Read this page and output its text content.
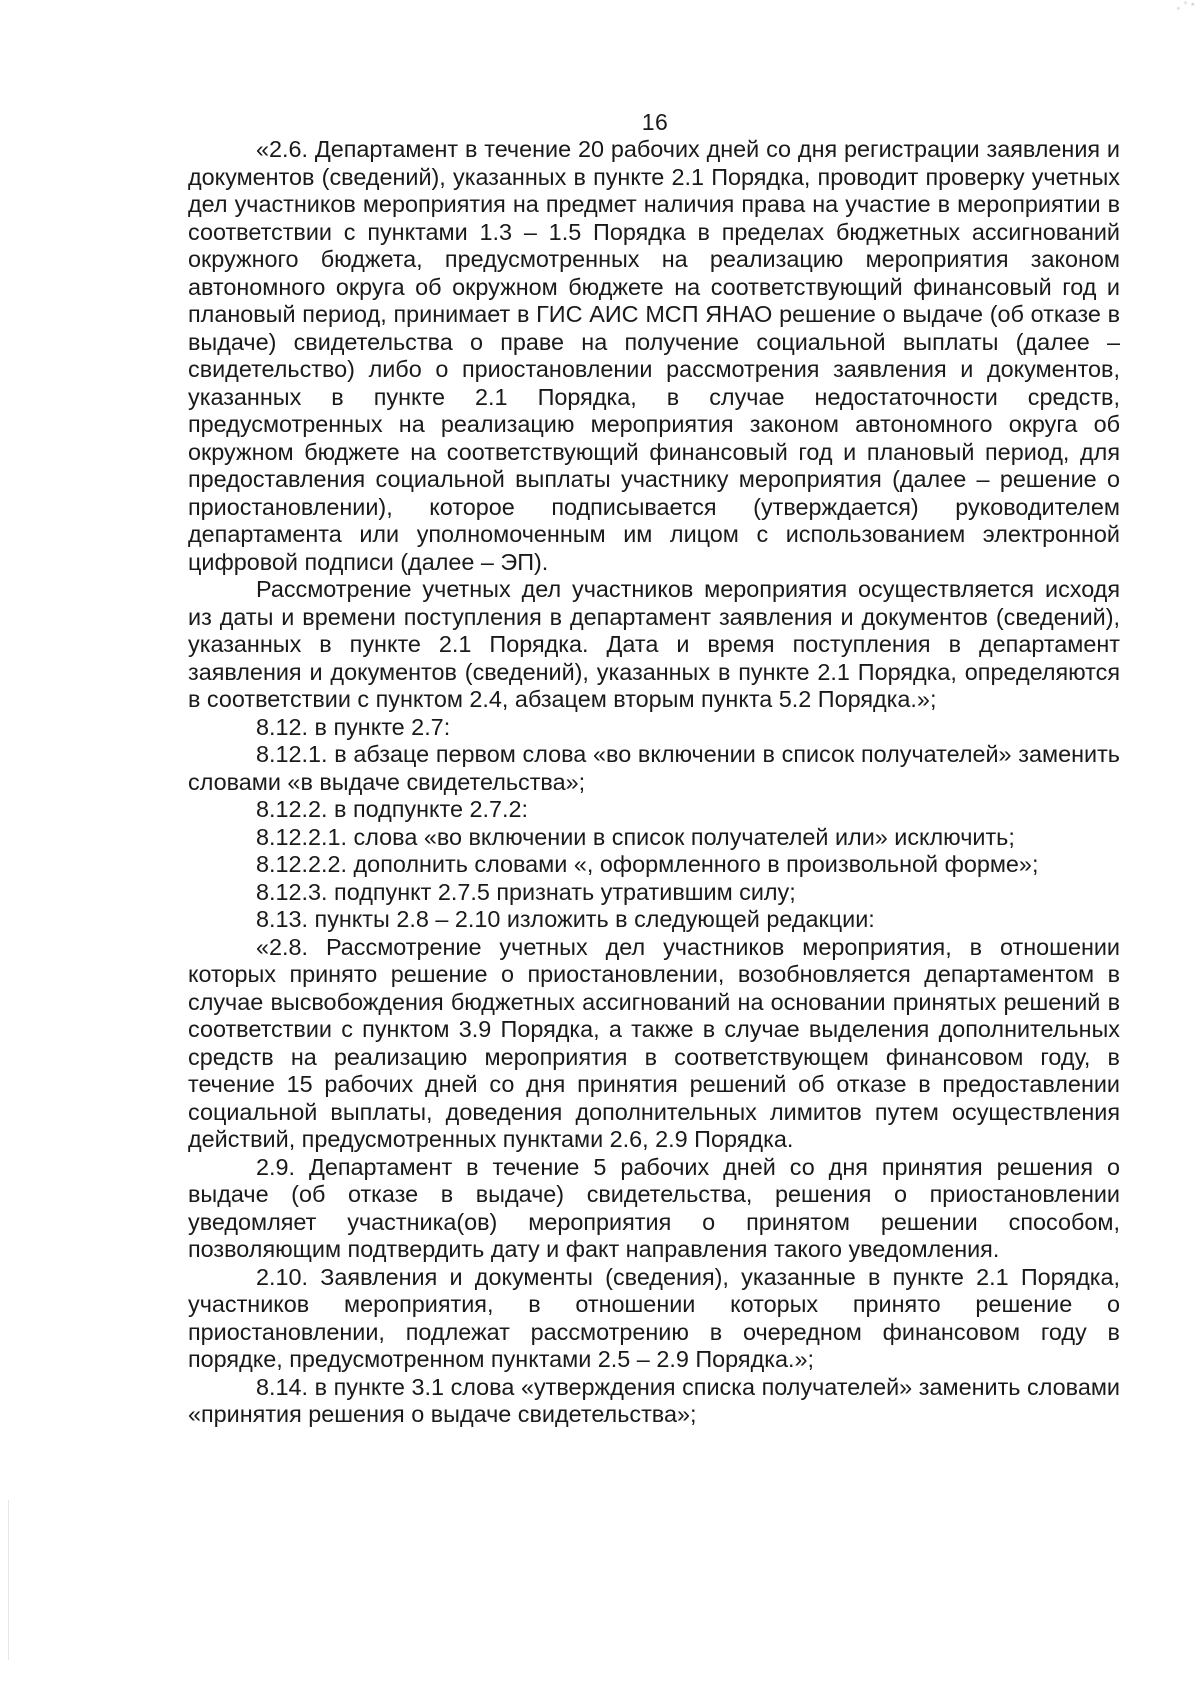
16

«2.6. Департамент в течение 20 рабочих дней со дня регистрации заявления и документов (сведений), указанных в пункте 2.1 Порядка, проводит проверку учетных дел участников мероприятия на предмет наличия права на участие в мероприятии в соответствии с пунктами 1.3 – 1.5 Порядка в пределах бюджетных ассигнований окружного бюджета, предусмотренных на реализацию мероприятия законом автономного округа об окружном бюджете на соответствующий финансовый год и плановый период, принимает в ГИС АИС МСП ЯНАО решение о выдаче (об отказе в выдаче) свидетельства о праве на получение социальной выплаты (далее – свидетельство) либо о приостановлении рассмотрения заявления и документов, указанных в пункте 2.1 Порядка, в случае недостаточности средств, предусмотренных на реализацию мероприятия законом автономного округа об окружном бюджете на соответствующий финансовый год и плановый период, для предоставления социальной выплаты участнику мероприятия (далее – решение о приостановлении), которое подписывается (утверждается) руководителем департамента или уполномоченным им лицом с использованием электронной цифровой подписи (далее – ЭП).

Рассмотрение учетных дел участников мероприятия осуществляется исходя из даты и времени поступления в департамент заявления и документов (сведений), указанных в пункте 2.1 Порядка. Дата и время поступления в департамент заявления и документов (сведений), указанных в пункте 2.1 Порядка, определяются в соответствии с пунктом 2.4, абзацем вторым пункта 5.2 Порядка.»;

8.12. в пункте 2.7:

8.12.1. в абзаце первом слова «во включении в список получателей» заменить словами «в выдаче свидетельства»;

8.12.2. в подпункте 2.7.2:

8.12.2.1. слова «во включении в список получателей или» исключить;

8.12.2.2. дополнить словами «, оформленного в произвольной форме»;

8.12.3. подпункт 2.7.5 признать утратившим силу;

8.13. пункты 2.8 – 2.10 изложить в следующей редакции:

«2.8. Рассмотрение учетных дел участников мероприятия, в отношении которых принято решение о приостановлении, возобновляется департаментом в случае высвобождения бюджетных ассигнований на основании принятых решений в соответствии с пунктом 3.9 Порядка, а также в случае выделения дополнительных средств на реализацию мероприятия в соответствующем финансовом году, в течение 15 рабочих дней со дня принятия решений об отказе в предоставлении социальной выплаты, доведения дополнительных лимитов путем осуществления действий, предусмотренных пунктами 2.6, 2.9 Порядка.

2.9. Департамент в течение 5 рабочих дней со дня принятия решения о выдаче (об отказе в выдаче) свидетельства, решения о приостановлении уведомляет участника(ов) мероприятия о принятом решении способом, позволяющим подтвердить дату и факт направления такого уведомления.

2.10. Заявления и документы (сведения), указанные в пункте 2.1 Порядка, участников мероприятия, в отношении которых принято решение о приостановлении, подлежат рассмотрению в очередном финансовом году в порядке, предусмотренном пунктами 2.5 – 2.9 Порядка.»;

8.14. в пункте 3.1 слова «утверждения списка получателей» заменить словами «принятия решения о выдаче свидетельства»;
